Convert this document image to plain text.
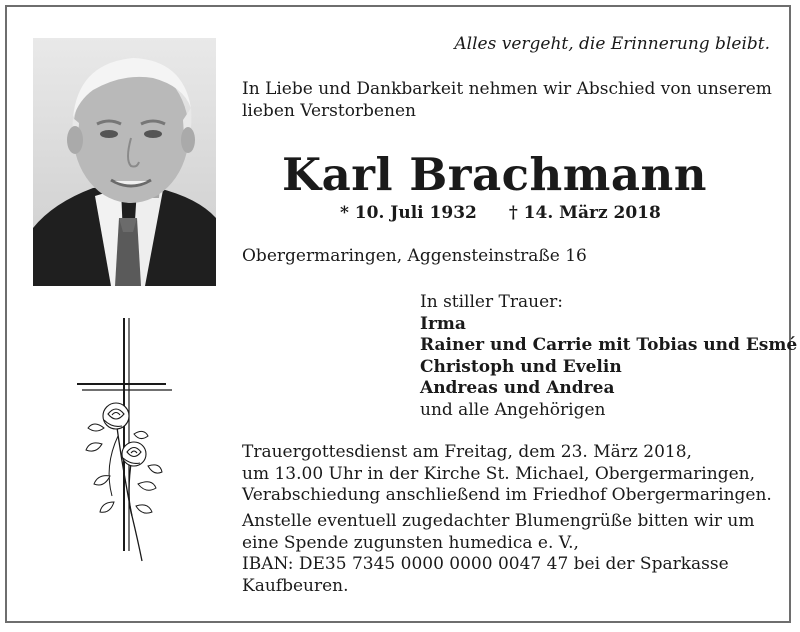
Alles vergeht, die Erinnerung bleibt.
In Liebe und Dankbarkeit nehmen wir Abschied von unserem
lieben Verstorbenen
Karl Brachmann
* 10. Juli 1932 † 14. März 2018
Obergermaringen, Aggensteinstraße 16
In stiller Trauer:
Irma
Rainer und Carrie mit Tobias und Esmé
Christoph und Evelin
Andreas und Andrea
und alle Angehörigen
Trauergottesdienst am Freitag, dem 23. März 2018,
um 13.00 Uhr in der Kirche St. Michael, Obergermaringen,
Verabschiedung anschließend im Friedhof Obergermaringen.
Anstelle eventuell zugedachter Blumengrüße bitten wir um
eine Spende zugunsten humedica e. V.,
IBAN: DE35 7345 0000 0000 0047 47 bei der Sparkasse
Kaufbeuren.
